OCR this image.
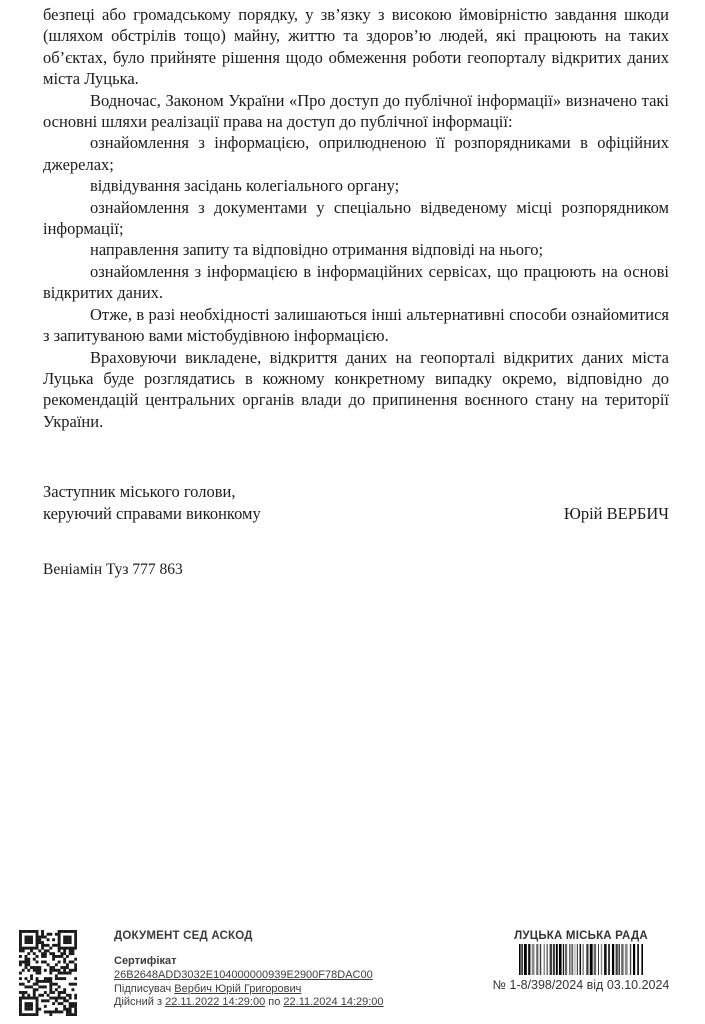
безпеці або громадському порядку, у зв’язку з високою ймовірністю завдання шкоди (шляхом обстрілів тощо) майну, життю та здоров’ю людей, які працюють на таких об’єктах, було прийняте рішення щодо обмеження роботи геопорталу відкритих даних міста Луцька.

Водночас, Законом України «Про доступ до публічної інформації» визначено такі основні шляхи реалізації права на доступ до публічної інформації:

ознайомлення з інформацією, оприлюдненою її розпорядниками в офіційних джерелах;

відвідування засідань колегіального органу;

ознайомлення з документами у спеціально відведеному місці розпорядником інформації;

направлення запиту та відповідно отримання відповіді на нього;

ознайомлення з інформацією в інформаційних сервісах, що працюють на основі відкритих даних.

Отже, в разі необхідності залишаються інші альтернативні способи ознайомитися з запитуваною вами містобудівною інформацією.

Враховуючи викладене, відкриття даних на геопорталі відкритих даних міста Луцька буде розглядатись в кожному конкретному випадку окремо, відповідно до рекомендацій центральних органів влади до припинення воєнного стану на території України.

Заступник міського голови,
керуючий справами виконкому	Юрій ВЕРБИЧ
Веніамін Туз 777 863
ДОКУМЕНТ СЕД АСКОД
Сертифікат
26B2648ADD3032E104000000939E2900F78DAC00
Підписувач Вербич Юрій Григорович
Дійсний з 22.11.2022 14:29:00 по 22.11.2024 14:29:00
ЛУЦЬКА МІСЬКА РАДА
№ 1-8/398/2024 від 03.10.2024
